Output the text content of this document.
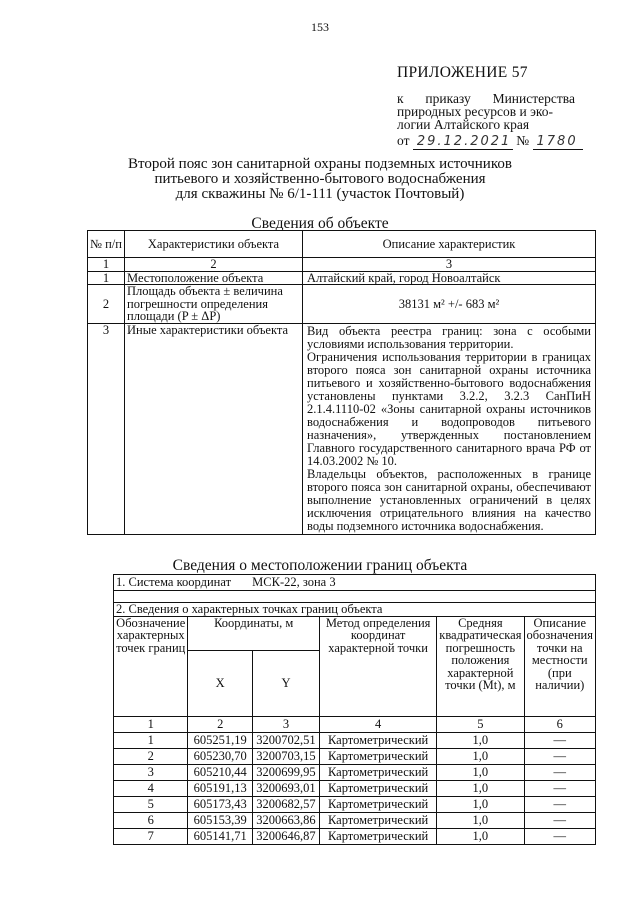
153
ПРИЛОЖЕНИЕ 57
к приказу Министерства
природных ресурсов и эко-
логии Алтайского края
от 29.12.2021 № 1780
Второй пояс зон санитарной охраны подземных источников
питьевого и хозяйственно-бытового водоснабжения
для скважины № 6/1-111 (участок Почтовый)
Сведения об объекте
№ п/п	Характеристики объекта	Описание характеристик
1	2	3
1	Местоположение объекта	Алтайский край, город Новоалтайск
2	Площадь объекта ± величина погрешности определения площади (P ± ΔP)	38131 м² +/- 683 м²
3	Иные характеристики объекта	Вид объекта реестра границ: зона с особыми условиями использования территории.
Ограничения использования территории в границах второго пояса зон санитарной охраны источника питьевого и хозяйственно-бытового водоснабжения установлены пунктами 3.2.2, 3.2.3 СанПиН 2.1.4.1110-02 «Зоны санитарной охраны источников водоснабжения и водопроводов питьевого назначения», утвержденных постановлением Главного государственного санитарного врача РФ от 14.03.2002 № 10.
Владельцы объектов, расположенных в границе второго пояса зон санитарной охраны, обеспечивают выполнение установленных ограничений в целях исключения отрицательного влияния на качество воды подземного источника водоснабжения.
Сведения о местоположении границ объекта
1. Система координат МСК-22, зона 3					

2. Сведения о характерных точках границ объекта					
Обозначение характерных точек границ	Координаты, м		Метод определения координат характерной точки	Средняя квадратическая погрешность положения характерной точки (Mt), м	Описание обозначения точки на местности (при наличии)
	X	Y			
1	2	3	4	5	6
1	605251,19	3200702,51	Картометрический	1,0	—
2	605230,70	3200703,15	Картометрический	1,0	—
3	605210,44	3200699,95	Картометрический	1,0	—
4	605191,13	3200693,01	Картометрический	1,0	—
5	605173,43	3200682,57	Картометрический	1,0	—
6	605153,39	3200663,86	Картометрический	1,0	—
7	605141,71	3200646,87	Картометрический	1,0	—
